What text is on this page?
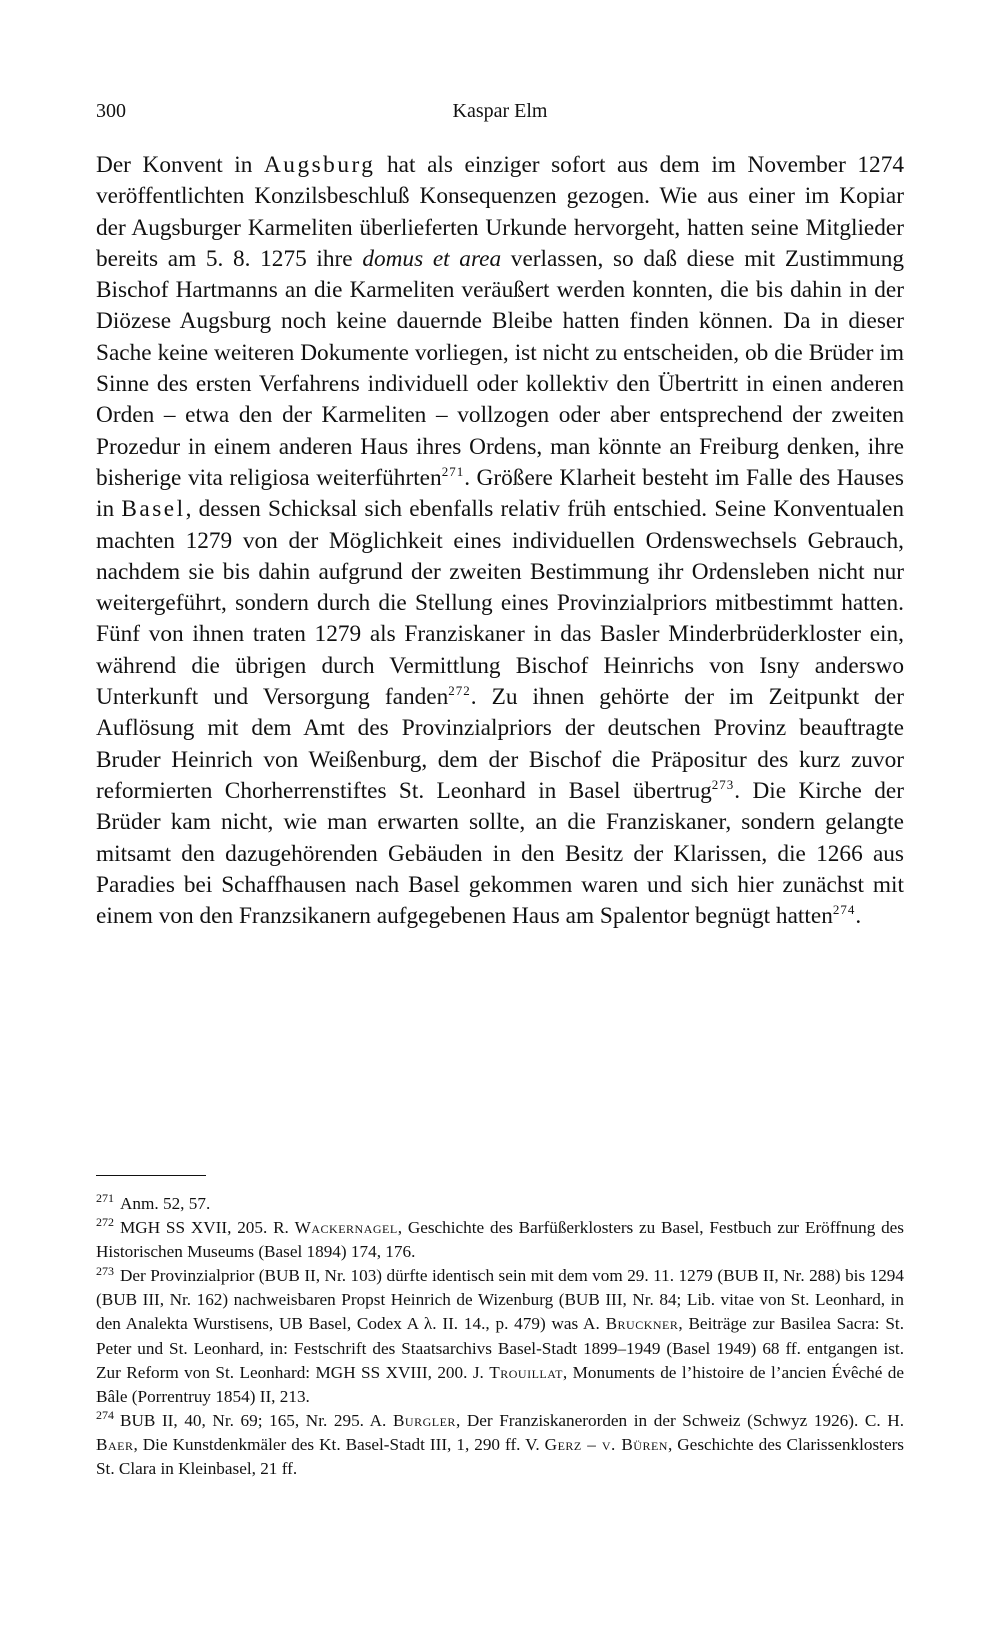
300	Kaspar Elm

Der Konvent in Augsburg hat als einziger sofort aus dem im November 1274 veröffentlichten Konzilsbeschluß Konsequenzen gezogen. Wie aus einer im Kopiar der Augsburger Karmeliten überlieferten Urkunde hervorgeht, hatten seine Mitglieder bereits am 5. 8. 1275 ihre domus et area verlassen, so daß diese mit Zustimmung Bischof Hartmanns an die Karmeliten veräußert werden konnten, die bis dahin in der Diözese Augsburg noch keine dauernde Bleibe hatten finden können. Da in dieser Sache keine weiteren Dokumente vorliegen, ist nicht zu entscheiden, ob die Brüder im Sinne des ersten Verfahrens individuell oder kollektiv den Übertritt in einen anderen Orden – etwa den der Karmeliten – vollzogen oder aber entsprechend der zweiten Prozedur in einem anderen Haus ihres Ordens, man könnte an Freiburg denken, ihre bisherige vita religiosa weiterführten$^{271}$. Größere Klarheit besteht im Falle des Hauses in Basel, dessen Schicksal sich ebenfalls relativ früh entschied. Seine Konventualen machten 1279 von der Möglichkeit eines individuellen Ordenswechsels Gebrauch, nachdem sie bis dahin aufgrund der zweiten Bestimmung ihr Ordensleben nicht nur weitergeführt, sondern durch die Stellung eines Provinzialpriors mitbestimmt hatten. Fünf von ihnen traten 1279 als Franziskaner in das Basler Minderbrüderkloster ein, während die übrigen durch Vermittlung Bischof Heinrichs von Isny anderswo Unterkunft und Versorgung fanden$^{272}$. Zu ihnen gehörte der im Zeitpunkt der Auflösung mit dem Amt des Provinzialpriors der deutschen Provinz beauftragte Bruder Heinrich von Weißenburg, dem der Bischof die Präpositur des kurz zuvor reformierten Chorherrenstiftes St. Leonhard in Basel übertrug$^{273}$. Die Kirche der Brüder kam nicht, wie man erwarten sollte, an die Franziskaner, sondern gelangte mitsamt den dazugehörenden Gebäuden in den Besitz der Klarissen, die 1266 aus Paradies bei Schaffhausen nach Basel gekommen waren und sich hier zunächst mit einem von den Franzsikanern aufgegebenen Haus am Spalentor begnügt hatten$^{274}$.

$^{271}$ Anm. 52, 57.

$^{272}$ MGH SS XVII, 205. R. Wackernagel, Geschichte des Barfüßerklosters zu Basel, Festbuch zur Eröffnung des Historischen Museums (Basel 1894) 174, 176.

$^{273}$ Der Provinzialprior (BUB II, Nr. 103) dürfte identisch sein mit dem vom 29. 11. 1279 (BUB II, Nr. 288) bis 1294 (BUB III, Nr. 162) nachweisbaren Propst Heinrich de Wizenburg (BUB III, Nr. 84; Lib. vitae von St. Leonhard, in den Analekta Wurstisens, UB Basel, Codex A λ. II. 14., p. 479) was A. Bruckner, Beiträge zur Basilea Sacra: St. Peter und St. Leonhard, in: Festschrift des Staatsarchivs Basel-Stadt 1899–1949 (Basel 1949) 68 ff. entgangen ist. Zur Reform von St. Leonhard: MGH SS XVIII, 200. J. Trouillat, Monuments de l’histoire de l’ancien Évêché de Bâle (Porrentruy 1854) II, 213.

$^{274}$ BUB II, 40, Nr. 69; 165, Nr. 295. A. Burgler, Der Franziskanerorden in der Schweiz (Schwyz 1926). C. H. Baer, Die Kunstdenkmäler des Kt. Basel-Stadt III, 1, 290 ff. V. Gerz – v. Büren, Geschichte des Clarissenklosters St. Clara in Kleinbasel, 21 ff.
